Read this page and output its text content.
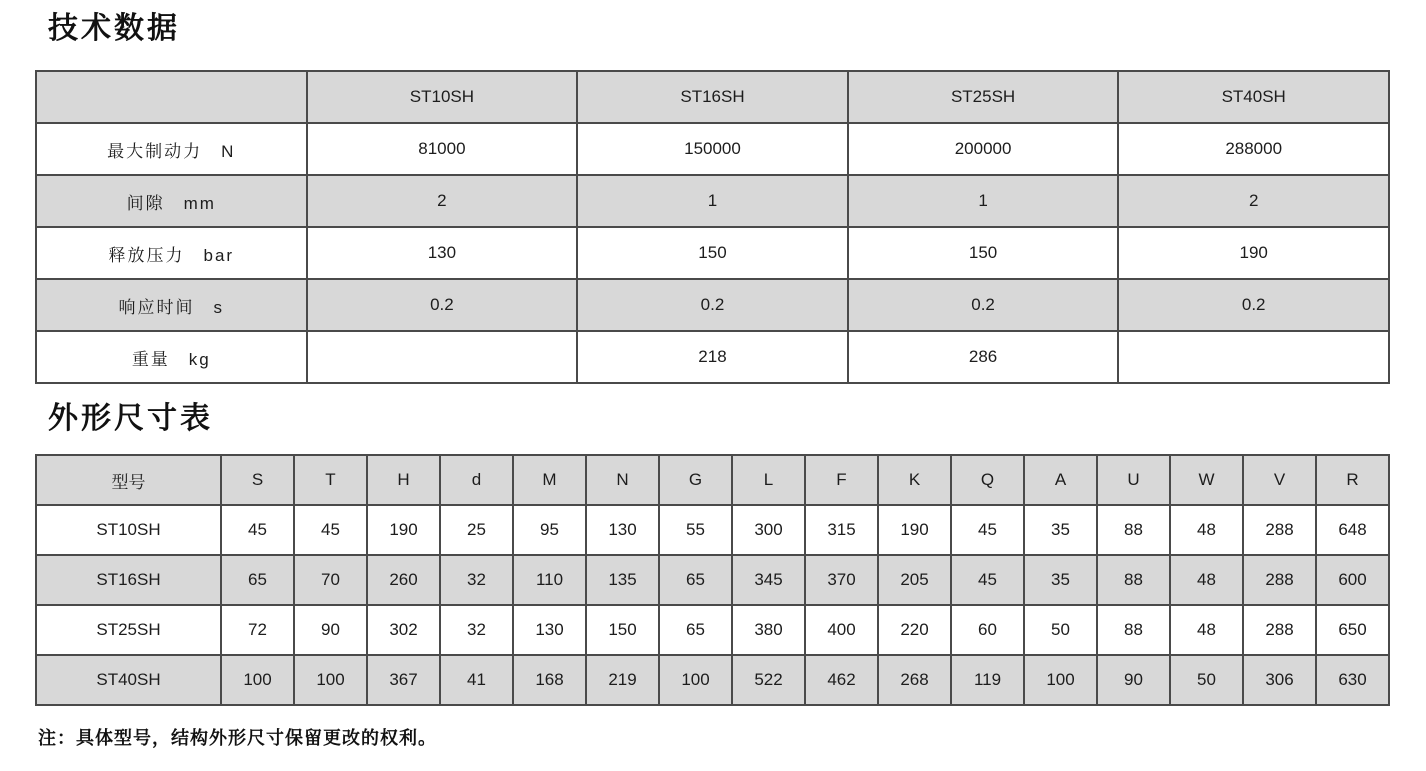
技术数据
	ST10SH	ST16SH	ST25SH	ST40SH
最大制动力　N	81000	150000	200000	288000
间隙　mm	2	1	1	2
释放压力　bar	130	150	150	190
响应时间　s	0.2	0.2	0.2	0.2
重量　kg		218	286	
外形尺寸表
型号	S	T	H	d	M	N	G	L	F	K	Q	A	U	W	V	R
ST10SH	45	45	190	25	95	130	55	300	315	190	45	35	88	48	288	648
ST16SH	65	70	260	32	110	135	65	345	370	205	45	35	88	48	288	600
ST25SH	72	90	302	32	130	150	65	380	400	220	60	50	88	48	288	650
ST40SH	100	100	367	41	168	219	100	522	462	268	119	100	90	50	306	630
注：具体型号，结构外形尺寸保留更改的权利。
